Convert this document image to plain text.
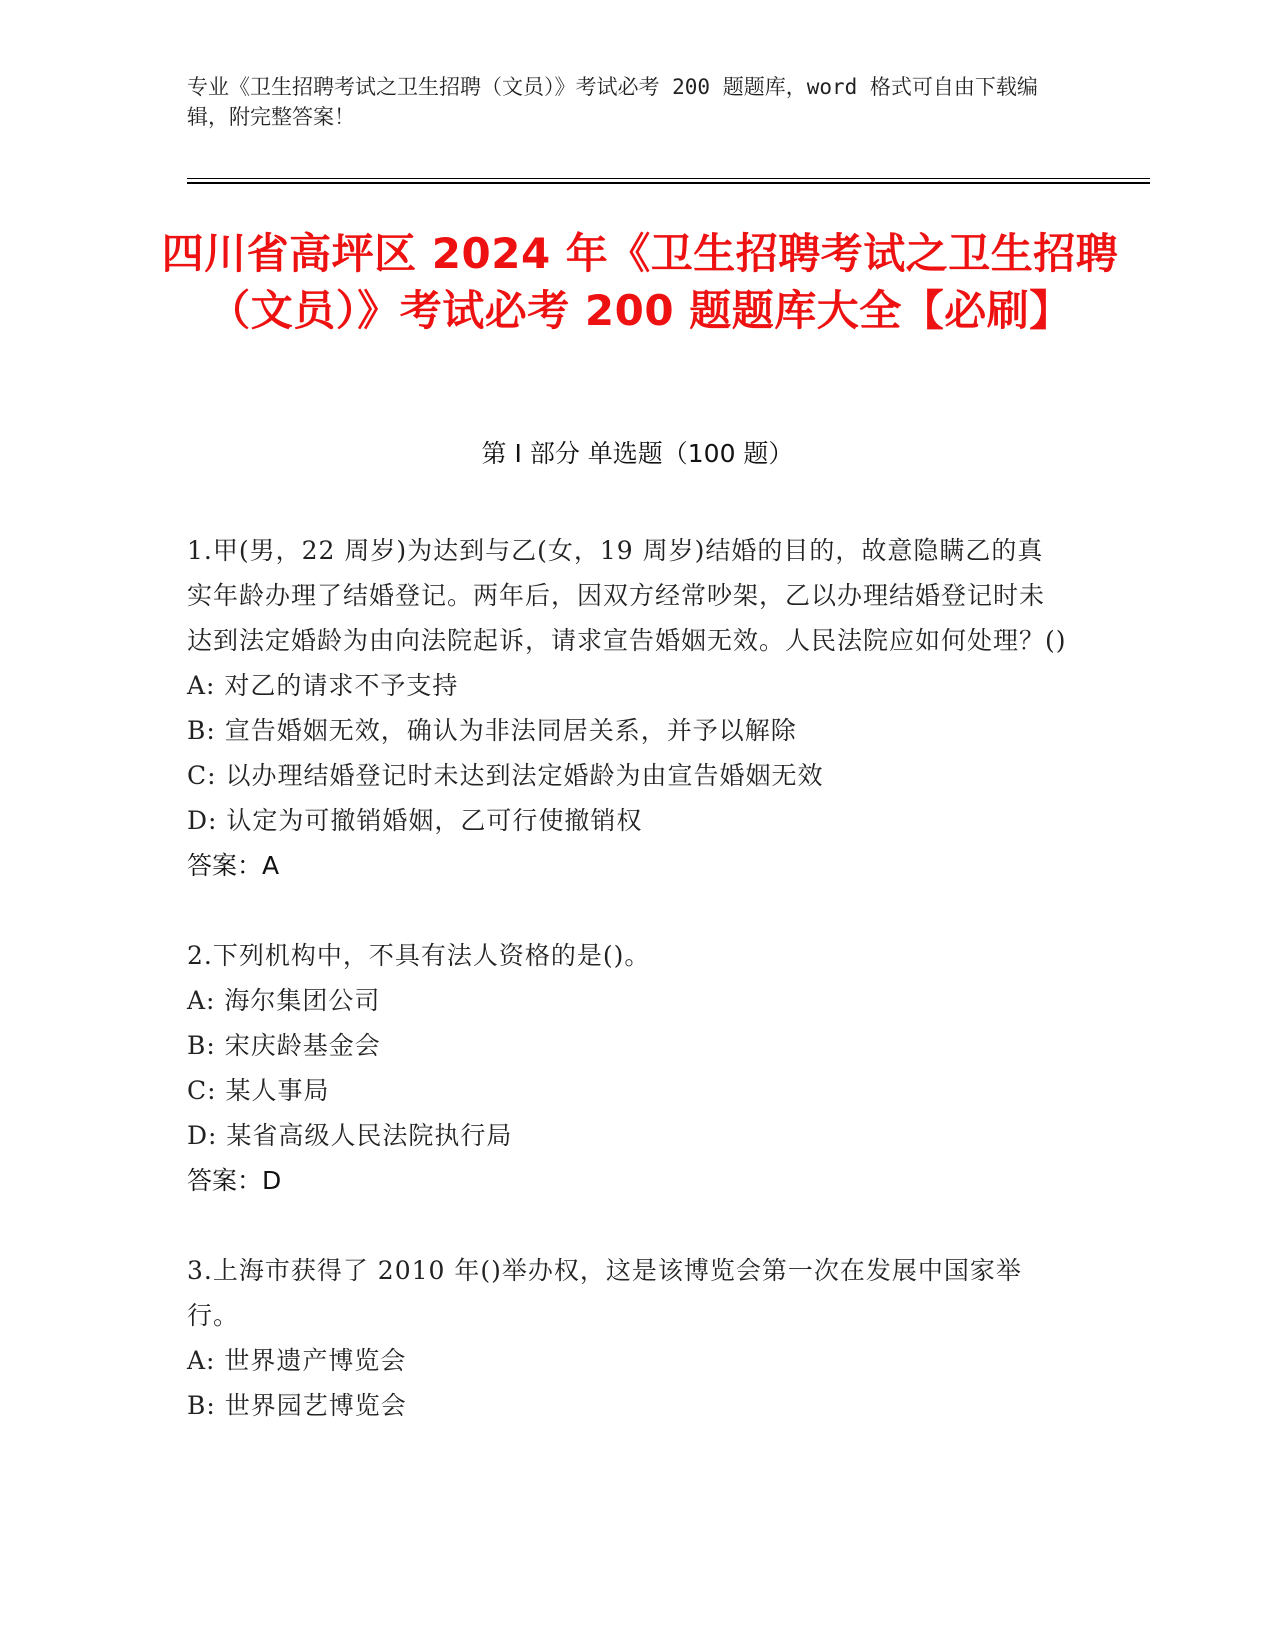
专业《卫生招聘考试之卫生招聘（文员）》考试必考 200 题题库，word 格式可自由下载编辑，附完整答案！
四川省高坪区 2024 年《卫生招聘考试之卫生招聘（文员）》考试必考 200 题题库大全【必刷】
第 I 部分 单选题（100 题）
1.甲(男，22 周岁)为达到与乙(女，19 周岁)结婚的目的，故意隐瞒乙的真实年龄办理了结婚登记。两年后，因双方经常吵架，乙以办理结婚登记时未达到法定婚龄为由向法院起诉，请求宣告婚姻无效。人民法院应如何处理？()
A: 对乙的请求不予支持
B: 宣告婚姻无效，确认为非法同居关系，并予以解除
C: 以办理结婚登记时未达到法定婚龄为由宣告婚姻无效
D: 认定为可撤销婚姻，乙可行使撤销权
答案：A
2.下列机构中，不具有法人资格的是()。
A: 海尔集团公司
B: 宋庆龄基金会
C: 某人事局
D: 某省高级人民法院执行局
答案：D
3.上海市获得了 2010 年()举办权，这是该博览会第一次在发展中国家举行。
A: 世界遗产博览会
B: 世界园艺博览会
